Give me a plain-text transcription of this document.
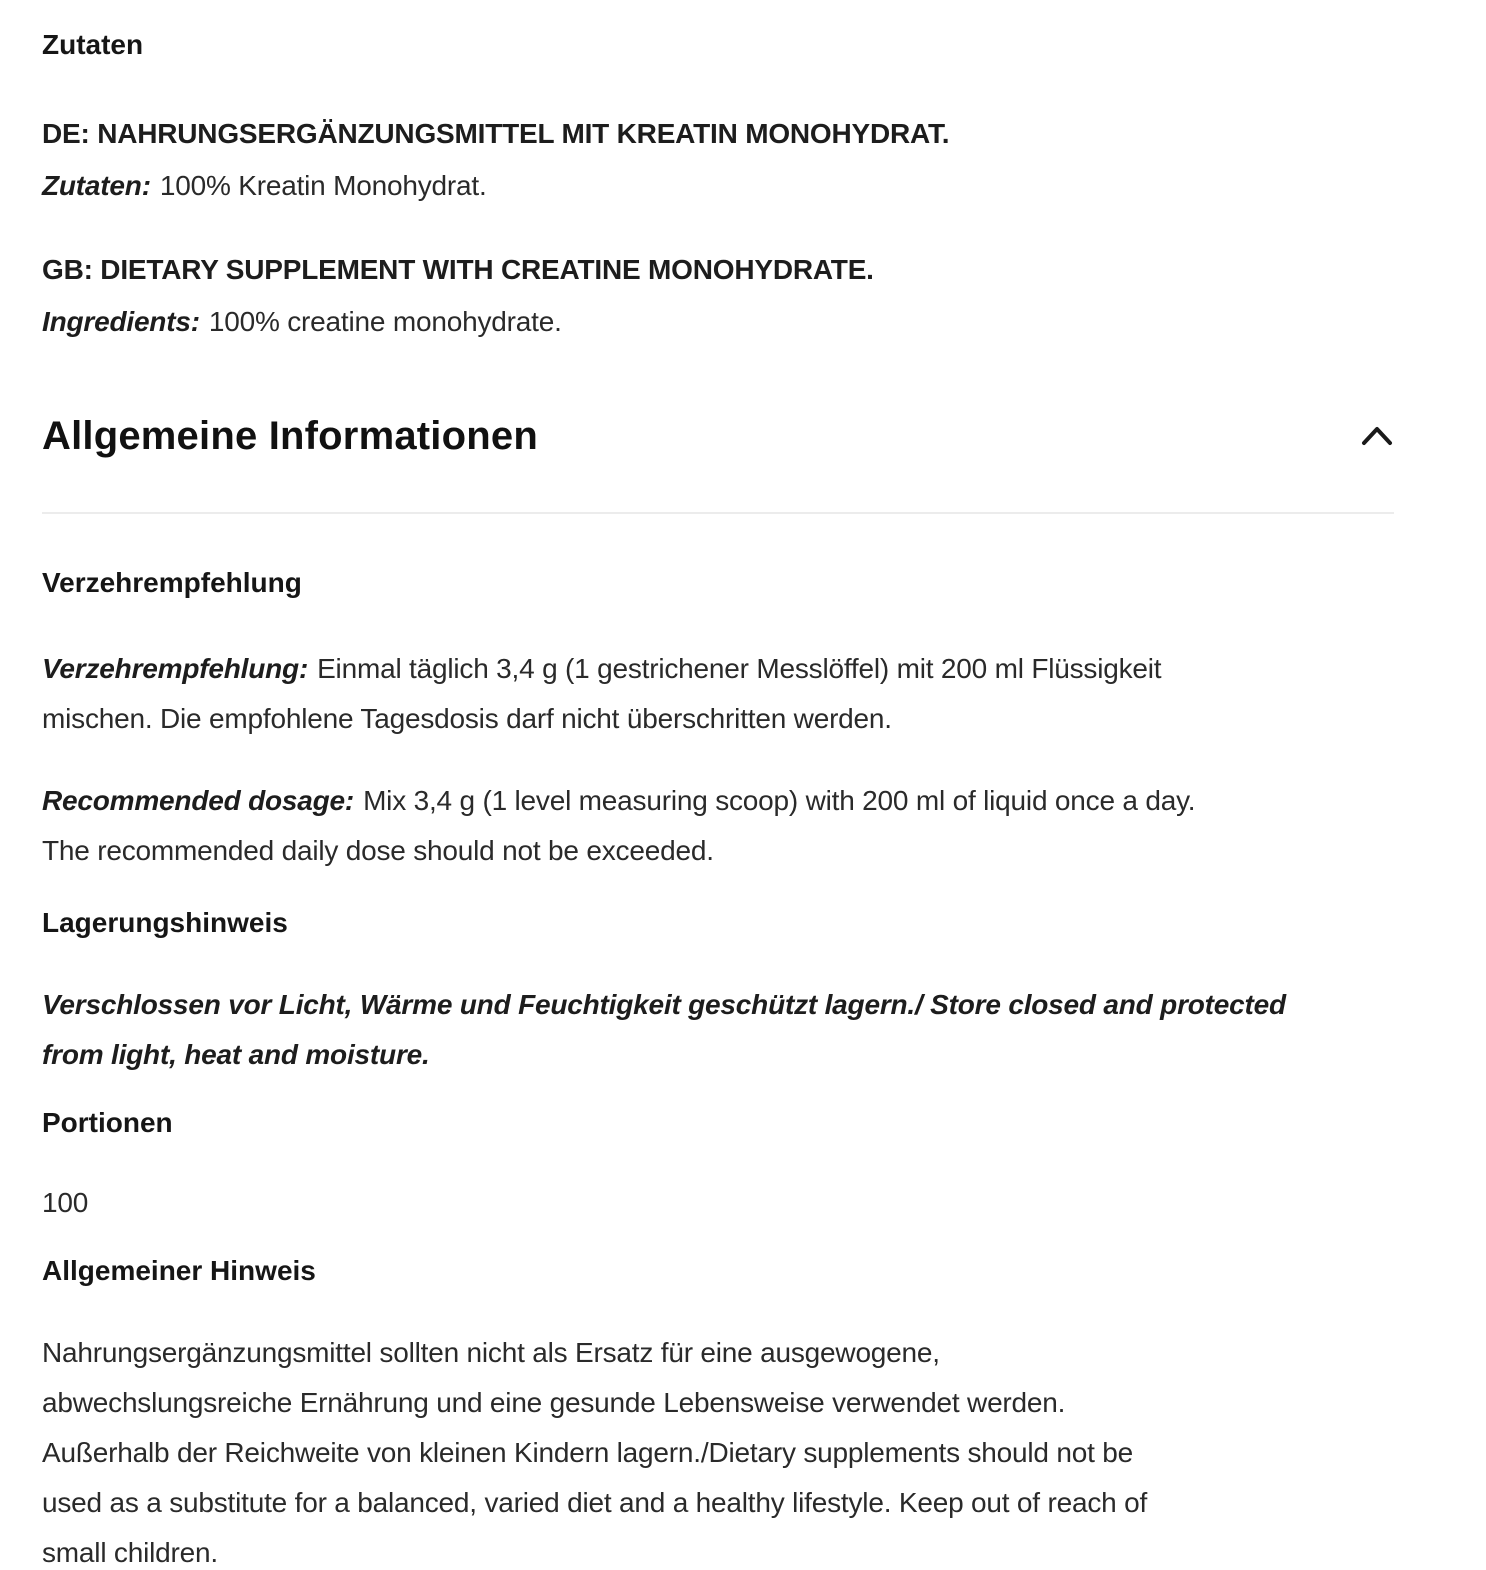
Zutaten
DE: NAHRUNGSERGÄNZUNGSMITTEL MIT KREATIN MONOHYDRAT.
Zutaten: 100% Kreatin Monohydrat.
GB: DIETARY SUPPLEMENT WITH CREATINE MONOHYDRATE.
Ingredients: 100% creatine monohydrate.
Allgemeine Informationen
Verzehrempfehlung
Verzehrempfehlung: Einmal täglich 3,4 g (1 gestrichener Messlöffel) mit 200 ml Flüssigkeit
mischen. Die empfohlene Tagesdosis darf nicht überschritten werden.
Recommended dosage: Mix 3,4 g (1 level measuring scoop) with 200 ml of liquid once a day.
The recommended daily dose should not be exceeded.
Lagerungshinweis
Verschlossen vor Licht, Wärme und Feuchtigkeit geschützt lagern./ Store closed and protected
from light, heat and moisture.
Portionen
100
Allgemeiner Hinweis
Nahrungsergänzungsmittel sollten nicht als Ersatz für eine ausgewogene,
abwechslungsreiche Ernährung und eine gesunde Lebensweise verwendet werden.
Außerhalb der Reichweite von kleinen Kindern lagern./Dietary supplements should not be
used as a substitute for a balanced, varied diet and a healthy lifestyle. Keep out of reach of
small children.
